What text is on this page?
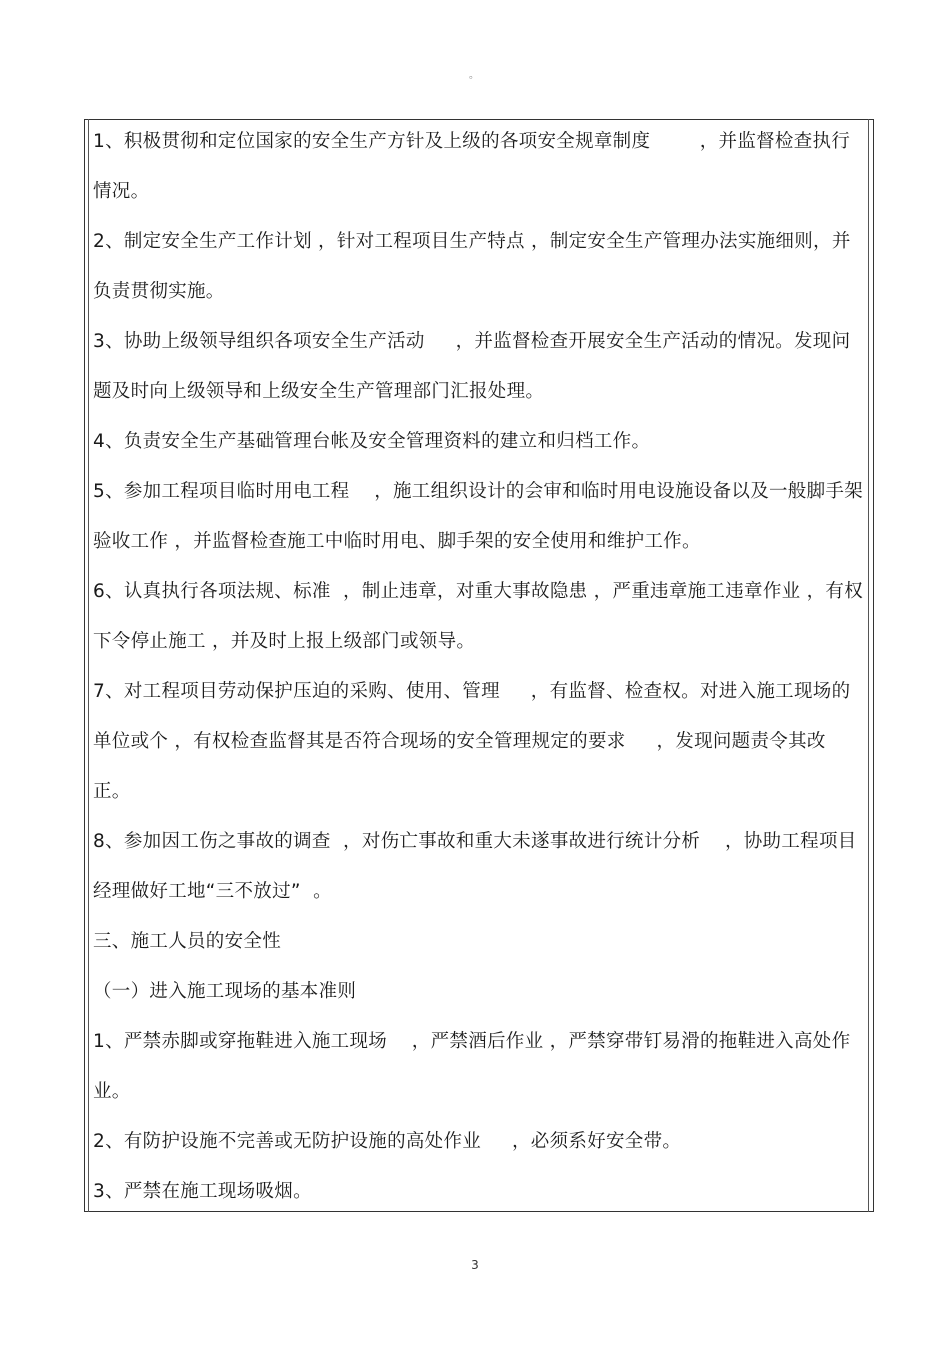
。

1、积极贯彻和定位国家的安全生产方针及上级的各项安全规章制度        ，并监督检查执行情况。

2、制定安全生产工作计划 ，针对工程项目生产特点 ，制定安全生产管理办法实施细则，并负责贯彻实施。

3、协助上级领导组织各项安全生产活动     ，并监督检查开展安全生产活动的情况。发现问题及时向上级领导和上级安全生产管理部门汇报处理。

4、负责安全生产基础管理台帐及安全管理资料的建立和归档工作。

5、参加工程项目临时用电工程    ，施工组织设计的会审和临时用电设施设备以及一般脚手架验收工作 ，并监督检查施工中临时用电、脚手架的安全使用和维护工作。

6、认真执行各项法规、标准  ，制止违章，对重大事故隐患 ，严重违章施工违章作业 ，有权下令停止施工 ，并及时上报上级部门或领导。

7、对工程项目劳动保护压迫的采购、使用、管理     ，有监督、检查权。对进入施工现场的单位或个 ，有权检查监督其是否符合现场的安全管理规定的要求     ，发现问题责令其改正。

8、参加因工伤之事故的调查  ，对伤亡事故和重大未遂事故进行统计分析    ，协助工程项目经理做好工地“三不放过”  。

三、施工人员的安全性

（一）进入施工现场的基本准则

1、严禁赤脚或穿拖鞋进入施工现场    ，严禁酒后作业 ，严禁穿带钉易滑的拖鞋进入高处作业。

2、有防护设施不完善或无防护设施的高处作业     ，必须系好安全带。

3、严禁在施工现场吸烟。

3
